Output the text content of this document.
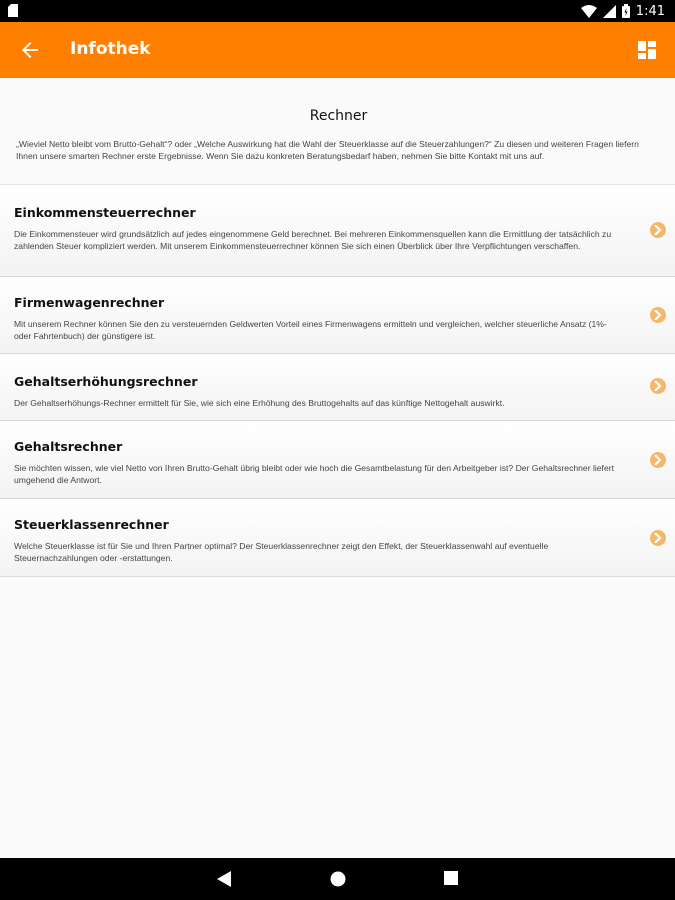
1:41
Infothek
Rechner

„Wieviel Netto bleibt vom Brutto-Gehalt“? oder „Welche Auswirkung hat die Wahl der Steuerklasse auf die Steuerzahlungen?“ Zu diesen und weiteren Fragen liefern Ihnen unsere smarten Rechner erste Ergebnisse. Wenn Sie dazu konkreten Beratungsbedarf haben, nehmen Sie bitte Kontakt mit uns auf.

Einkommensteuerrechner
Die Einkommensteuer wird grundsätzlich auf jedes eingenommene Geld berechnet. Bei mehreren Einkommensquellen kann die Ermittlung der tatsächlich zu zahlenden Steuer kompliziert werden. Mit unserem Einkommensteuerrechner können Sie sich einen Überblick über Ihre Verpflichtungen verschaffen.
Firmenwagenrechner
Mit unserem Rechner können Sie den zu versteuernden Geldwerten Vorteil eines Firmenwagens ermitteln und vergleichen, welcher steuerliche Ansatz (1%- oder Fahrtenbuch) der günstigere ist.
Gehaltserhöhungsrechner
Der Gehaltserhöhungs-Rechner ermittelt für Sie, wie sich eine Erhöhung des Bruttogehalts auf das künftige Nettogehalt auswirkt.
Gehaltsrechner
Sie möchten wissen, wie viel Netto von Ihren Brutto-Gehalt übrig bleibt oder wie hoch die Gesamtbelastung für den Arbeitgeber ist? Der Gehaltsrechner liefert umgehend die Antwort.
Steuerklassenrechner
Welche Steuerklasse ist für Sie und Ihren Partner optimal? Der Steuerklassenrechner zeigt den Effekt, der Steuerklassenwahl auf eventuelle Steuernachzahlungen oder -erstattungen.
